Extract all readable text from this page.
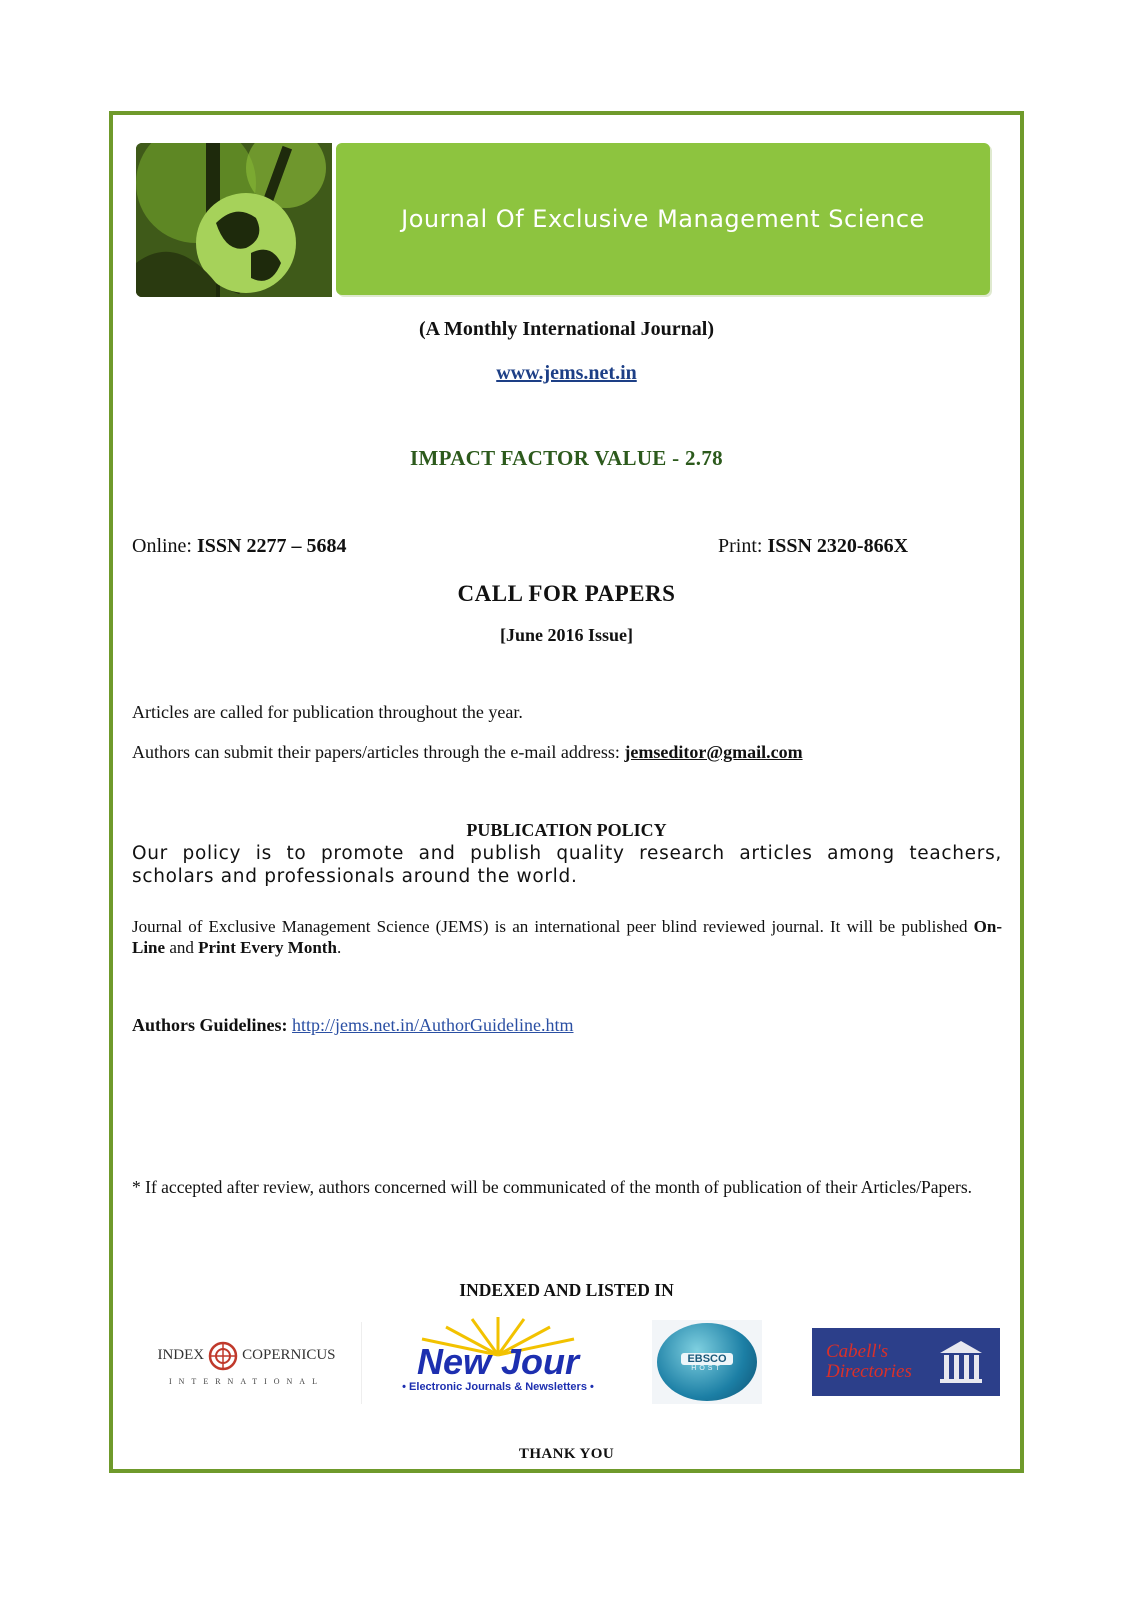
Journal Of Exclusive Management Science
(A Monthly International Journal)
www.jems.net.in
IMPACT FACTOR VALUE - 2.78
Online: ISSN 2277 – 5684	Print: ISSN 2320-866X
CALL FOR PAPERS
[June 2016 Issue]
Articles are called for publication throughout the year.
Authors can submit their papers/articles through the e-mail address: jemseditor@gmail.com
PUBLICATION POLICY
Our policy is to promote and publish quality research articles among teachers, scholars and professionals around the world.
Journal of Exclusive Management Science (JEMS) is an international peer blind reviewed journal. It will be published On-Line and Print Every Month.
Authors Guidelines: http://jems.net.in/AuthorGuideline.htm
* If accepted after review, authors concerned will be communicated of the month of publication of their Articles/Papers.
INDEXED AND LISTED IN
INDEX	COPERNICUS
INTERNATIONAL	New Jour
• Electronic Journals & Newsletters •
EBSCO
HOST
Cabell's Directories
THANK YOU
